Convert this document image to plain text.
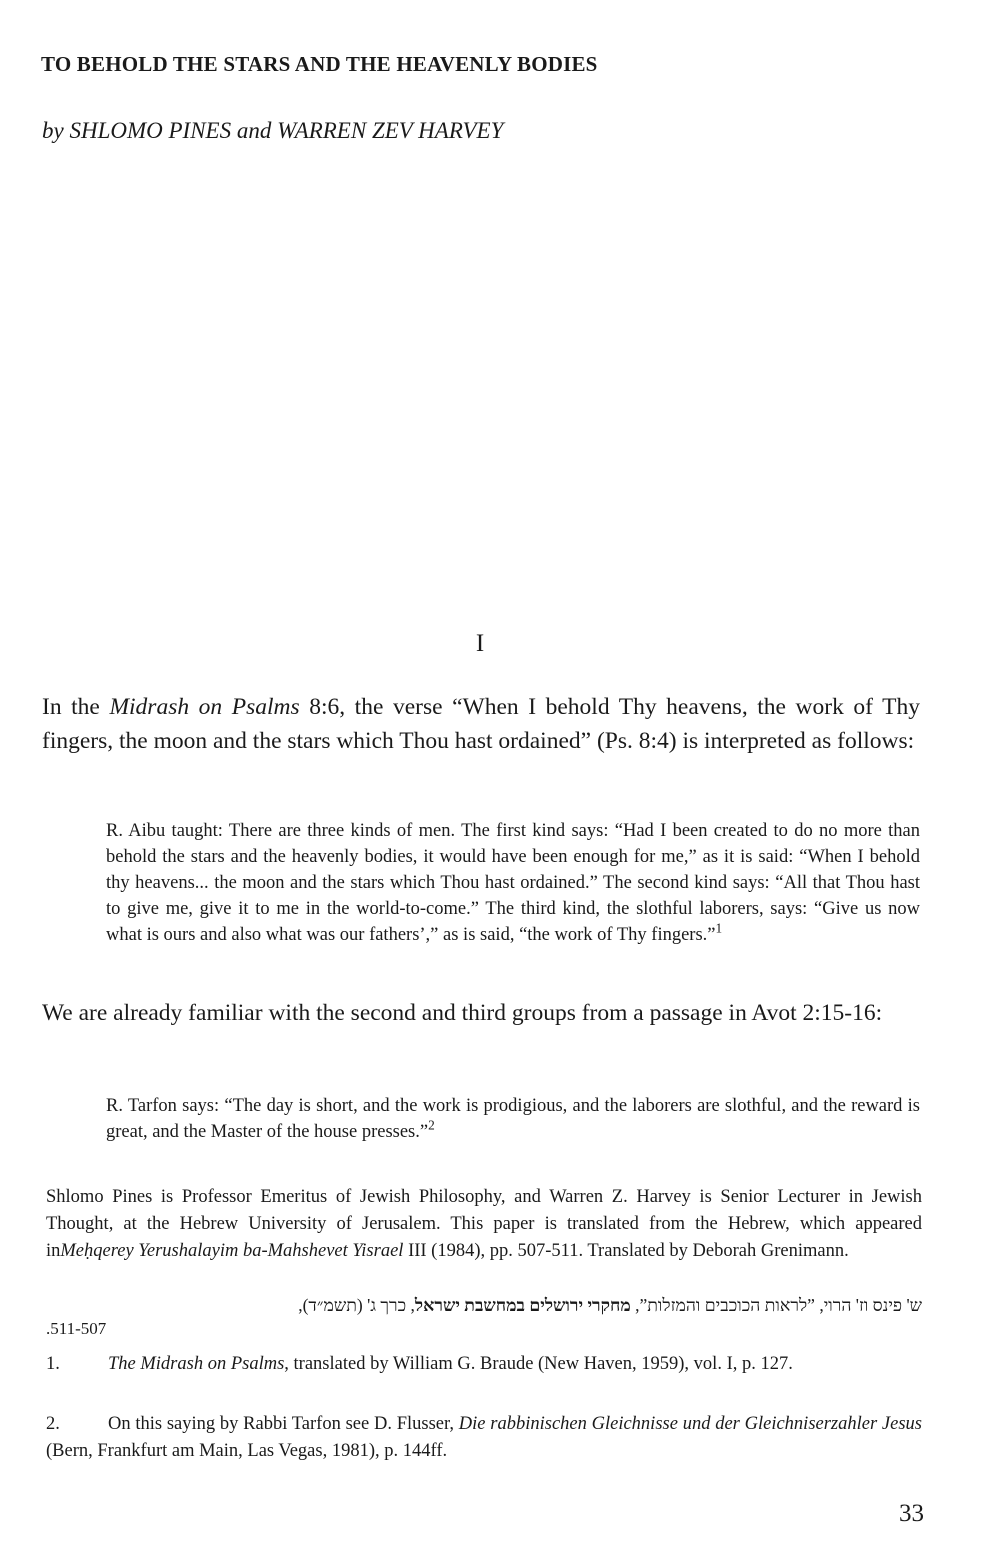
TO BEHOLD THE STARS AND THE HEAVENLY BODIES

by SHLOMO PINES and WARREN ZEV HARVEY

I

In the Midrash on Psalms 8:6, the verse “When I behold Thy heavens, the work of Thy fingers, the moon and the stars which Thou hast ordained” (Ps. 8:4) is interpreted as follows:

R. Aibu taught: There are three kinds of men. The first kind says: “Had I been created to do no more than behold the stars and the heavenly bodies, it would have been enough for me,” as it is said: “When I behold thy heavens... the moon and the stars which Thou hast ordained.” The second kind says: “All that Thou hast to give me, give it to me in the world-to-come.” The third kind, the slothful laborers, says: “Give us now what is ours and also what was our fathers’,” as is said, “the work of Thy fingers.”$^1$

We are already familiar with the second and third groups from a passage in Avot 2:15-16:

R. Tarfon says: “The day is short, and the work is prodigious, and the laborers are slothful, and the reward is great, and the Master of the house presses.”$^2$

Shlomo Pines is Professor Emeritus of Jewish Philosophy, and Warren Z. Harvey is Senior Lecturer in Jewish Thought, at the Hebrew University of Jerusalem. This paper is translated from the Hebrew, which appeared inMeḥqerey Yerushalayim ba-Mahshevet Yisrael III (1984), pp. 507-511. Translated by Deborah Grenimann.

ש' פינס וז' הרוי, ”לראות הכוכבים והמזלות”, מחקרי ירושלים במחשבת ישראל, כרך ג' (תשמ״ד),

.511-507

1.	The Midrash on Psalms, translated by William G. Braude (New Haven, 1959), vol. I, p. 127.

2.	On this saying by Rabbi Tarfon see D. Flusser, Die rabbinischen Gleichnisse und der Gleichniserzahler Jesus (Bern, Frankfurt am Main, Las Vegas, 1981), p. 144ff.

33
